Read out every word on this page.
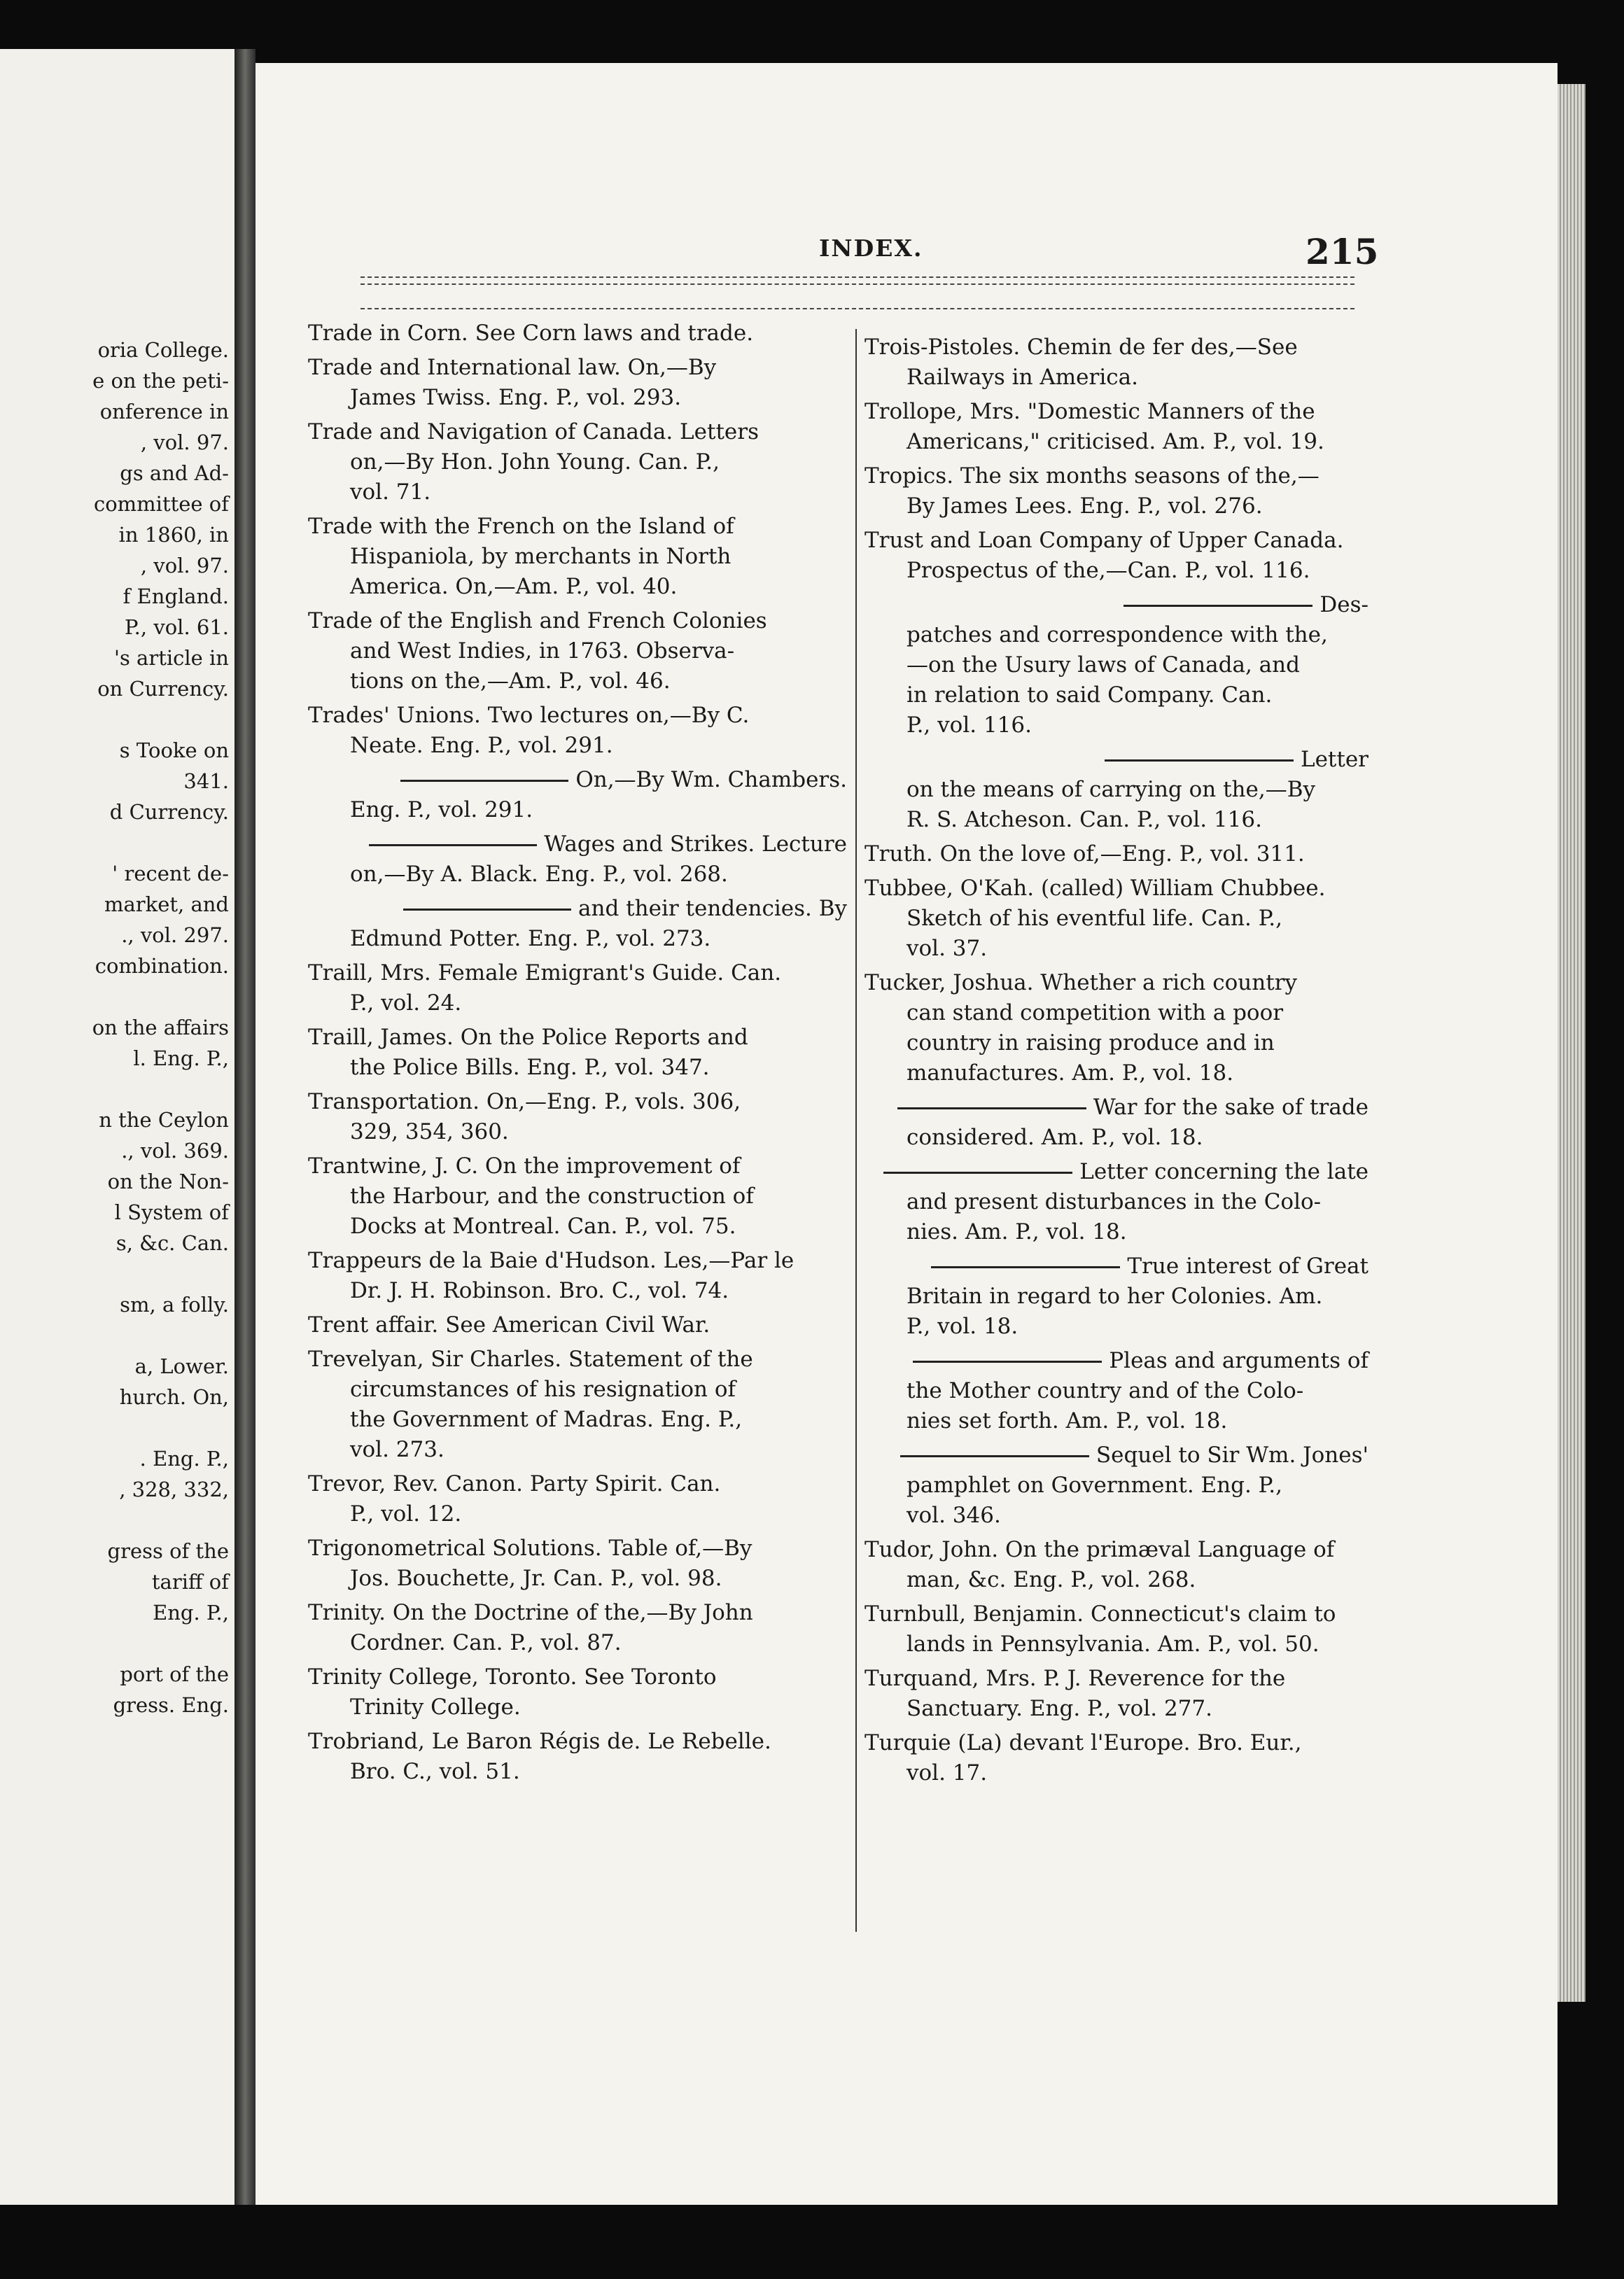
oria College.
e on the peti-
onference in
, vol. 97.
gs and Ad-
committee of
in 1860, in
, vol. 97.
f England.
P., vol. 61.
's article in
on Currency.
s Tooke on
341.
d Currency.
' recent de-
market, and
., vol. 297.
combination.
on the affairs
l. Eng. P.,
n the Ceylon
., vol. 369.
on the Non-
l System of
s, &c. Can.
sm, a folly.
a, Lower.
hurch. On,
. Eng. P.,
, 328, 332,
gress of the
tariff of
Eng. P.,
port of the
gress. Eng.
INDEX.	215
Trade in Corn. See Corn laws and trade.
Trade and International law. On,—By
James Twiss. Eng. P., vol. 293.
Trade and Navigation of Canada. Letters
on,—By Hon. John Young. Can. P.,
vol. 71.
Trade with the French on the Island of
Hispaniola, by merchants in North
America. On,—Am. P., vol. 40.
Trade of the English and French Colonies
and West Indies, in 1763. Observa-
tions on the,—Am. P., vol. 46.
Trades' Unions. Two lectures on,—By C.
Neate. Eng. P., vol. 291.
On,—By Wm. Chambers.
Eng. P., vol. 291.
Wages and Strikes. Lecture
on,—By A. Black. Eng. P., vol. 268.
and their tendencies. By
Edmund Potter. Eng. P., vol. 273.
Traill, Mrs. Female Emigrant's Guide. Can.
P., vol. 24.
Traill, James. On the Police Reports and
the Police Bills. Eng. P., vol. 347.
Transportation. On,—Eng. P., vols. 306,
329, 354, 360.
Trantwine, J. C. On the improvement of
the Harbour, and the construction of
Docks at Montreal. Can. P., vol. 75.
Trappeurs de la Baie d'Hudson. Les,—Par le
Dr. J. H. Robinson. Bro. C., vol. 74.
Trent affair. See American Civil War.
Trevelyan, Sir Charles. Statement of the
circumstances of his resignation of
the Government of Madras. Eng. P.,
vol. 273.
Trevor, Rev. Canon. Party Spirit. Can.
P., vol. 12.
Trigonometrical Solutions. Table of,—By
Jos. Bouchette, Jr. Can. P., vol. 98.
Trinity. On the Doctrine of the,—By John
Cordner. Can. P., vol. 87.
Trinity College, Toronto. See Toronto
Trinity College.
Trobriand, Le Baron Régis de. Le Rebelle.
Bro. C., vol. 51.
Trois-Pistoles. Chemin de fer des,—See
Railways in America.
Trollope, Mrs. "Domestic Manners of the
Americans," criticised. Am. P., vol. 19.
Tropics. The six months seasons of the,—
By James Lees. Eng. P., vol. 276.
Trust and Loan Company of Upper Canada.
Prospectus of the,—Can. P., vol. 116.
Des-
patches and correspondence with the,
—on the Usury laws of Canada, and
in relation to said Company. Can.
P., vol. 116.
Letter
on the means of carrying on the,—By
R. S. Atcheson. Can. P., vol. 116.
Truth. On the love of,—Eng. P., vol. 311.
Tubbee, O'Kah. (called) William Chubbee.
Sketch of his eventful life. Can. P.,
vol. 37.
Tucker, Joshua. Whether a rich country
can stand competition with a poor
country in raising produce and in
manufactures. Am. P., vol. 18.
War for the sake of trade
considered. Am. P., vol. 18.
Letter concerning the late
and present disturbances in the Colo-
nies. Am. P., vol. 18.
True interest of Great
Britain in regard to her Colonies. Am.
P., vol. 18.
Pleas and arguments of
the Mother country and of the Colo-
nies set forth. Am. P., vol. 18.
Sequel to Sir Wm. Jones'
pamphlet on Government. Eng. P.,
vol. 346.
Tudor, John. On the primæval Language of
man, &c. Eng. P., vol. 268.
Turnbull, Benjamin. Connecticut's claim to
lands in Pennsylvania. Am. P., vol. 50.
Turquand, Mrs. P. J. Reverence for the
Sanctuary. Eng. P., vol. 277.
Turquie (La) devant l'Europe. Bro. Eur.,
vol. 17.
